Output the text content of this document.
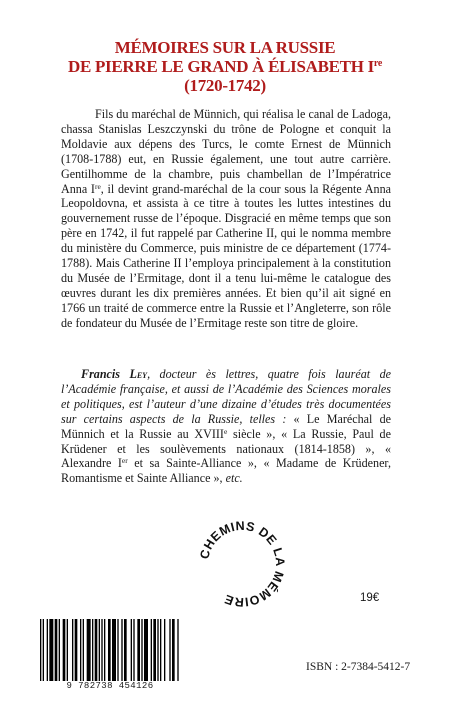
MÉMOIRES SUR LA RUSSIE
DE PIERRE LE GRAND À ÉLISABETH Ire
(1720-1742)

Fils du maréchal de Münnich, qui réalisa le canal de Ladoga, chassa Stanislas Leszczynski du trône de Pologne et conquit la Moldavie aux dépens des Turcs, le comte Ernest de Münnich (1708-1788) eut, en Russie également, une tout autre carrière. Gentilhomme de la chambre, puis chambellan de l’Impératrice Anna Ire, il devint grand-maréchal de la cour sous la Régente Anna Leopoldovna, et assista à ce titre à toutes les luttes intestines du gouvernement russe de l’époque. Disgracié en même temps que son père en 1742, il fut rappelé par Catherine II, qui le nomma membre du ministère du Commerce, puis ministre de ce département (1774-1788). Mais Catherine II l’employa principalement à la constitution du Musée de l’Ermitage, dont il a tenu lui-même le catalogue des œuvres durant les dix premières années. Et bien qu’il ait signé en 1766 un traité de commerce entre la Russie et l’Angleterre, son rôle de fondateur du Musée de l’Ermitage reste son titre de gloire.

Francis Ley, docteur ès lettres, quatre fois lauréat de l’Académie française, et aussi de l’Académie des Sciences morales et politiques, est l’auteur d’une dizaine d’études très documentées sur certains aspects de la Russie, telles : « Le Maréchal de Münnich et la Russie au XVIIIe siècle », « La Russie, Paul de Krüdener et les soulèvements nationaux (1814-1858) », « Alexandre Ier et sa Sainte-Alliance », « Madame de Krüdener, Romantisme et Sainte Alliance », etc.

CHEMINS DE LA MÉMOIRE	19€
9 782738 454126
ISBN : 2-7384-5412-7
